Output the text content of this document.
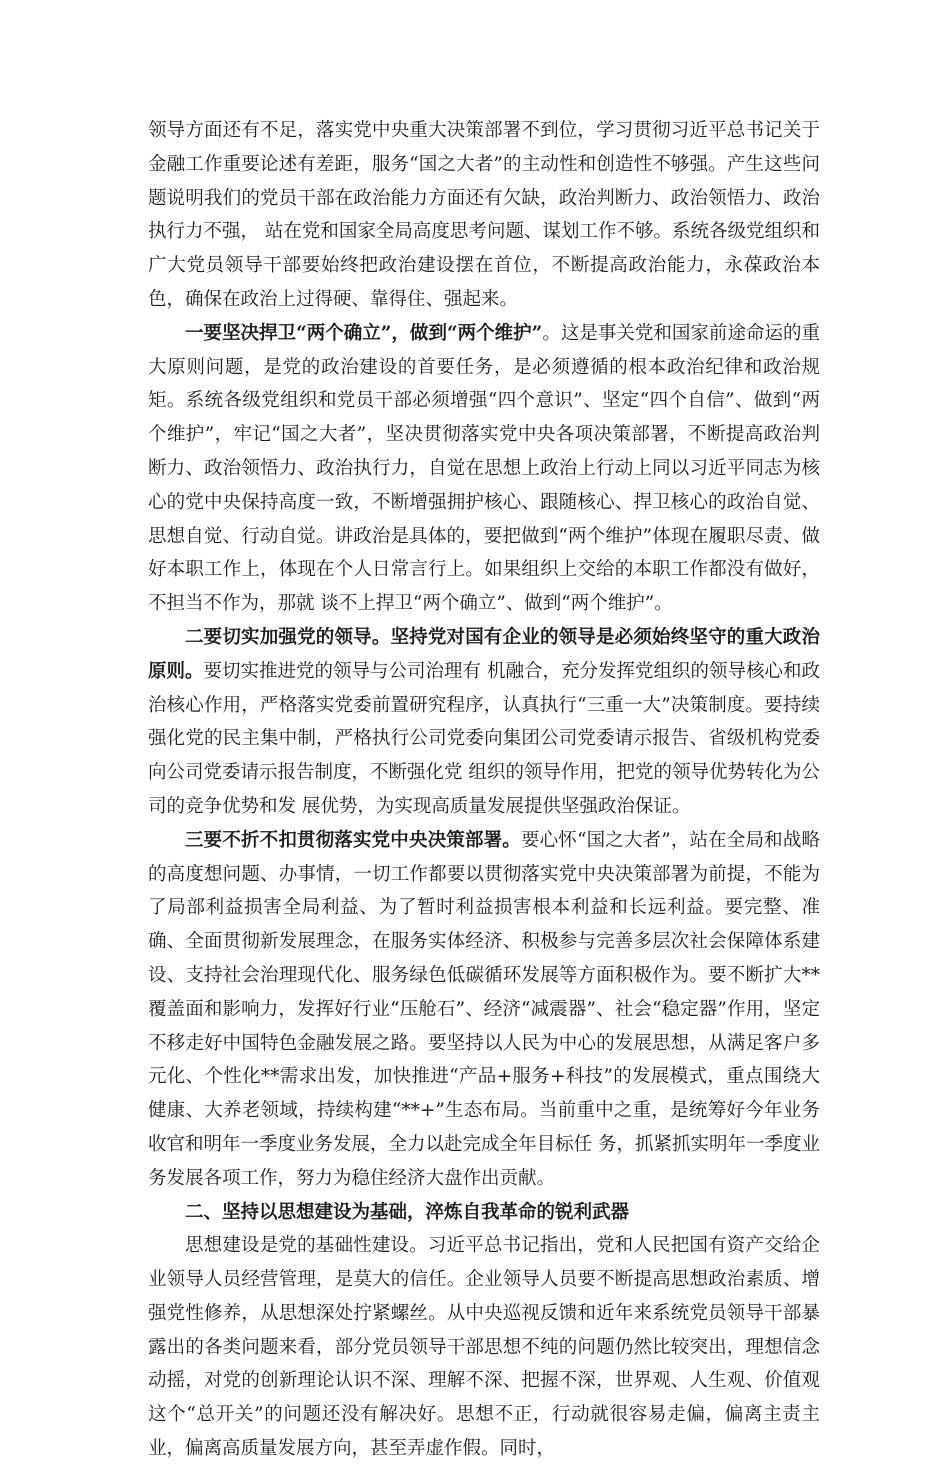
领导方面还有不足，落实党中央重大决策部署不到位，学习贯彻习近平总书记关于金融工作重要论述有差距，服务“国之大者”的主动性和创造性不够强。产生这些问题说明我们的党员干部在政治能力方面还有欠缺，政治判断力、政治领悟力、政治执行力不强， 站在党和国家全局高度思考问题、谋划工作不够。系统各级党组织和广大党员领导干部要始终把政治建设摆在首位，不断提高政治能力，永葆政治本色，确保在政治上过得硬、靠得住、强起来。

一要坚决捍卫“两个确立”，做到“两个维护”。这是事关党和国家前途命运的重大原则问题，是党的政治建设的首要任务，是必须遵循的根本政治纪律和政治规矩。系统各级党组织和党员干部必须增强“四个意识”、坚定“四个自信”、做到“两个维护”，牢记“国之大者”，坚决贯彻落实党中央各项决策部署，不断提高政治判断力、政治领悟力、政治执行力，自觉在思想上政治上行动上同以习近平同志为核心的党中央保持高度一致，不断增强拥护核心、跟随核心、捍卫核心的政治自觉、思想自觉、行动自觉。讲政治是具体的，要把做到“两个维护”体现在履职尽责、做好本职工作上，体现在个人日常言行上。如果组织上交给的本职工作都没有做好，不担当不作为，那就 谈不上捍卫“两个确立”、做到“两个维护”。

二要切实加强党的领导。坚持党对国有企业的领导是必须始终坚守的重大政治原则。要切实推进党的领导与公司治理有 机融合，充分发挥党组织的领导核心和政治核心作用，严格落实党委前置研究程序，认真执行“三重一大”决策制度。要持续强化党的民主集中制，严格执行公司党委向集团公司党委请示报告、省级机构党委向公司党委请示报告制度，不断强化党 组织的领导作用，把党的领导优势转化为公司的竞争优势和发 展优势，为实现高质量发展提供坚强政治保证。

三要不折不扣贯彻落实党中央决策部署。要心怀“国之大者”，站在全局和战略的高度想问题、办事情，一切工作都要以贯彻落实党中央决策部署为前提，不能为了局部利益损害全局利益、为了暂时利益损害根本利益和长远利益。要完整、准确、全面贯彻新发展理念，在服务实体经济、积极参与完善多层次社会保障体系建设、支持社会治理现代化、服务绿色低碳循环发展等方面积极作为。要不断扩大**覆盖面和影响力，发挥好行业“压舱石”、经济“减震器”、社会“稳定器”作用，坚定不移走好中国特色金融发展之路。要坚持以人民为中心的发展思想，从满足客户多元化、个性化**需求出发，加快推进“产品+服务+科技”的发展模式，重点围绕大健康、大养老领域，持续构建“**+”生态布局。当前重中之重，是统筹好今年业务收官和明年一季度业务发展，全力以赴完成全年目标任 务，抓紧抓实明年一季度业务发展各项工作，努力为稳住经济大盘作出贡献。

二、坚持以思想建设为基础，淬炼自我革命的锐利武器

思想建设是党的基础性建设。习近平总书记指出，党和人民把国有资产交给企业领导人员经营管理，是莫大的信任。企业领导人员要不断提高思想政治素质、增强党性修养，从思想深处拧紧螺丝。从中央巡视反馈和近年来系统党员领导干部暴露出的各类问题来看，部分党员领导干部思想不纯的问题仍然比较突出，理想信念动摇，对党的创新理论认识不深、理解不深、把握不深，世界观、人生观、价值观这个“总开关”的问题还没有解决好。思想不正，行动就很容易走偏，偏离主责主业，偏离高质量发展方向，甚至弄虚作假。同时，
